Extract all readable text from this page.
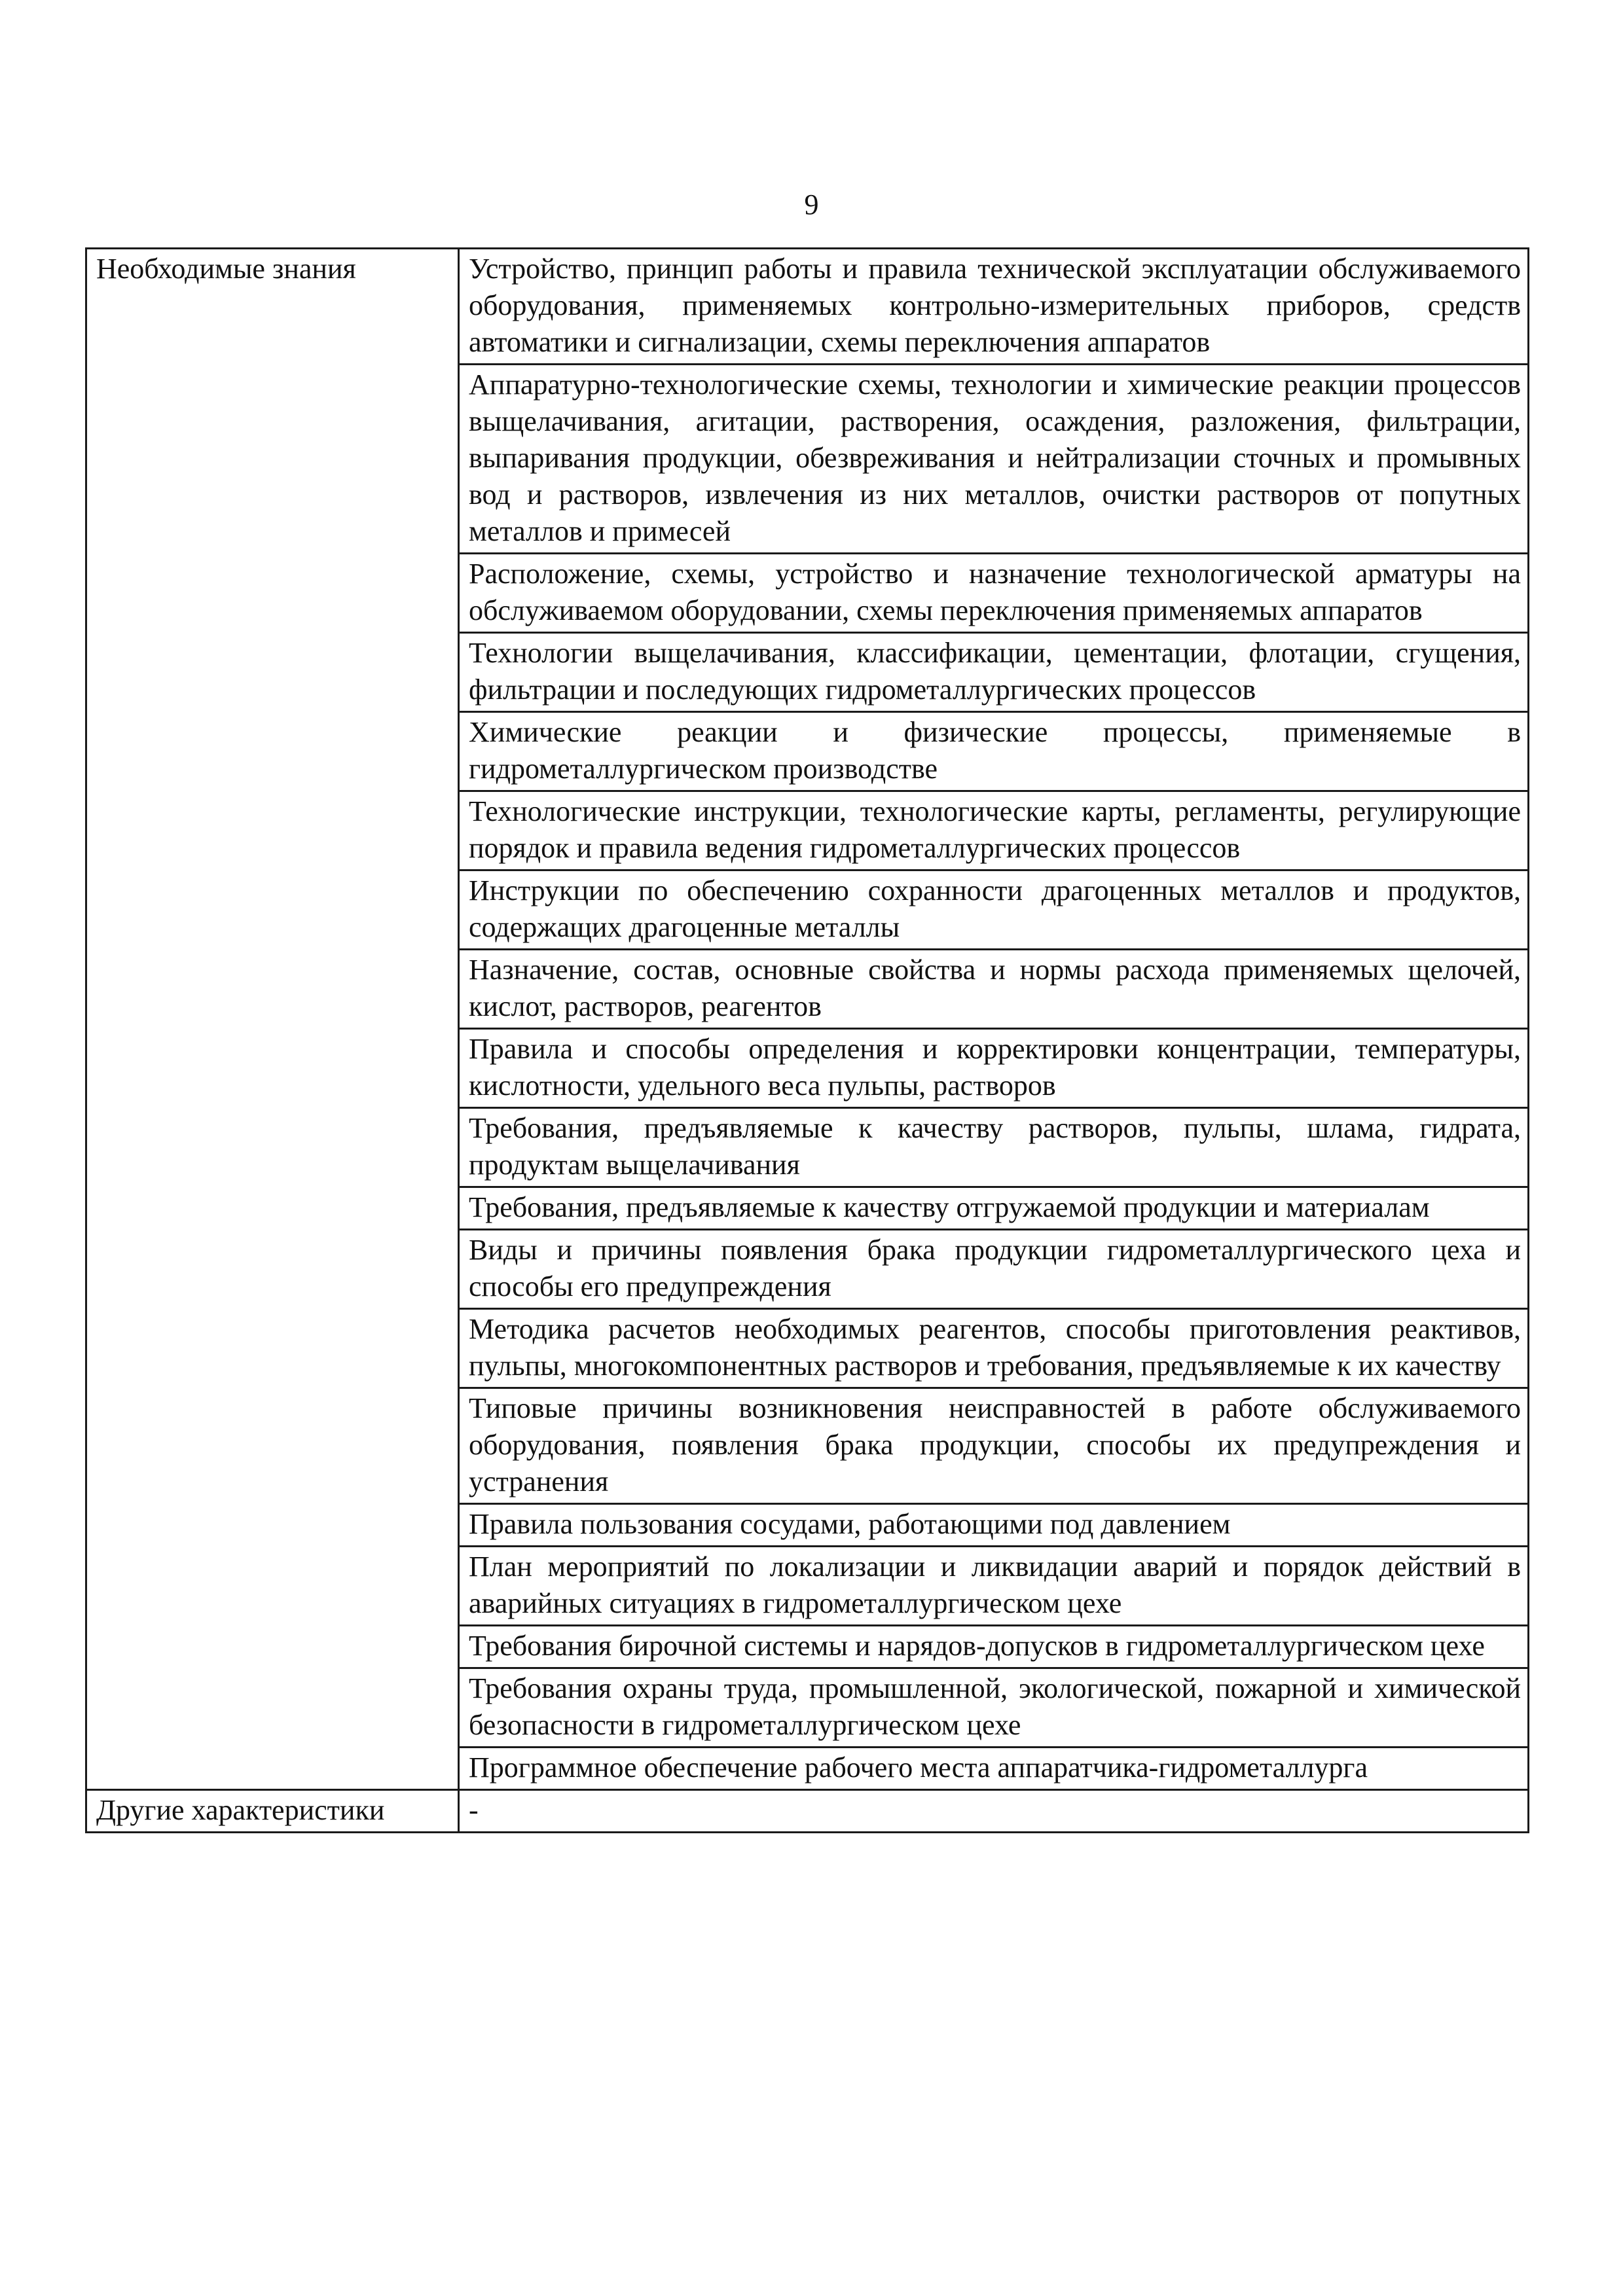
9
Необходимые знания	Устройство, принцип работы и правила технической эксплуатации обслуживаемого оборудования, применяемых контрольно-измерительных приборов, средств автоматики и сигнализации, схемы переключения аппаратов
	Аппаратурно-технологические схемы, технологии и химические реакции процессов выщелачивания, агитации, растворения, осаждения, разложения, фильтрации, выпаривания продукции, обезвреживания и нейтрализации сточных и промывных вод и растворов, извлечения из них металлов, очистки растворов от попутных металлов и примесей
	Расположение, схемы, устройство и назначение технологической арматуры на обслуживаемом оборудовании, схемы переключения применяемых аппаратов
	Технологии выщелачивания, классификации, цементации, флотации, сгущения, фильтрации и последующих гидрометаллургических процессов
	Химические реакции и физические процессы, применяемые в гидрометаллургическом производстве
	Технологические инструкции, технологические карты, регламенты, регулирующие порядок и правила ведения гидрометаллургических процессов
	Инструкции по обеспечению сохранности драгоценных металлов и продуктов, содержащих драгоценные металлы
	Назначение, состав, основные свойства и нормы расхода применяемых щелочей, кислот, растворов, реагентов
	Правила и способы определения и корректировки концентрации, температуры, кислотности, удельного веса пульпы, растворов
	Требования, предъявляемые к качеству растворов, пульпы, шлама, гидрата, продуктам выщелачивания
	Требования, предъявляемые к качеству отгружаемой продукции и материалам
	Виды и причины появления брака продукции гидрометаллургического цеха и способы его предупреждения
	Методика расчетов необходимых реагентов, способы приготовления реактивов, пульпы, многокомпонентных растворов и требования, предъявляемые к их качеству
	Типовые причины возникновения неисправностей в работе обслуживаемого оборудования, появления брака продукции, способы их предупреждения и устранения
	Правила пользования сосудами, работающими под давлением
	План мероприятий по локализации и ликвидации аварий и порядок действий в аварийных ситуациях в гидрометаллургическом цехе
	Требования бирочной системы и нарядов-допусков в гидрометаллургическом цехе
	Требования охраны труда, промышленной, экологической, пожарной и химической безопасности в гидрометаллургическом цехе
	Программное обеспечение рабочего места аппаратчика-гидрометаллурга
Другие характеристики	-
